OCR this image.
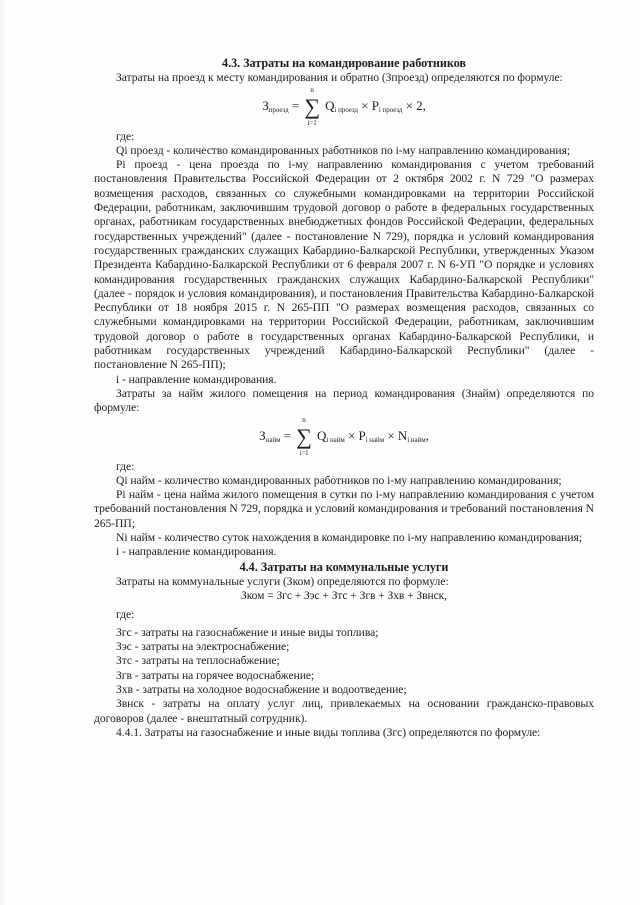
4.3. Затраты на командирование работников

Затраты на проезд к месту командирования и обратно (Зпроезд) определяются по формуле:

$З_{проезд}$ = ∑
n
i=1
$Q_{i проезд} \times P_{i проезд} \times 2$,

где:

Qi проезд - количество командированных работников по i-му направлению командирования;

Pi проезд - цена проезда по i-му направлению командирования с учетом требований постановления Правительства Российской Федерации от 2 октября 2002 г. N 729 "О размерах возмещения расходов, связанных со служебными командировками на территории Российской Федерации, работникам, заключившим трудовой договор о работе в федеральных государственных органах, работникам государственных внебюджетных фондов Российской Федерации, федеральных государственных учреждений" (далее - постановление N 729), порядка и условий командирования государственных гражданских служащих Кабардино-Балкарской Республики, утвержденных Указом Президента Кабардино-Балкарской Республики от 6 февраля 2007 г. N 6-УП "О порядке и условиях командирования государственных гражданских служащих Кабардино-Балкарской Республики" (далее - порядок и условия командирования), и постановления Правительства Кабардино-Балкарской Республики от 18 ноября 2015 г. N 265-ПП "О размерах возмещения расходов, связанных со служебными командировками на территории Российской Федерации, работникам, заключившим трудовой договор о работе в государственных органах Кабардино-Балкарской Республики, и работникам государственных учреждений Кабардино-Балкарской Республики" (далее - постановление N 265-ПП);

i - направление командирования.

Затраты за найм жилого помещения на период командирования (Знайм) определяются по формуле:

$З_{найм}$ = ∑
n
i=1
$Q_{i найм} \times P_{i найм} \times N_{i найм}$,

где:

Qi найм - количество командированных работников по i-му направлению командирования;

Pi найм - цена найма жилого помещения в сутки по i-му направлению командирования с учетом требований постановления N 729, порядка и условий командирования и требований постановления N 265-ПП;

Ni найм - количество суток нахождения в командировке по i-му направлению командирования;

i - направление командирования.

4.4. Затраты на коммунальные услуги

Затраты на коммунальные услуги (Зком) определяются по формуле:

Зком = Згс + Зэс + Зтс + Згв + Зхв + Звнск,

где:

Згс - затраты на газоснабжение и иные виды топлива;

Зэс - затраты на электроснабжение;

Зтс - затраты на теплоснабжение;

Згв - затраты на горячее водоснабжение;

Зхв - затраты на холодное водоснабжение и водоотведение;

Звнск - затраты на оплату услуг лиц, привлекаемых на основании гражданско-правовых договоров (далее - внештатный сотрудник).

4.4.1. Затраты на газоснабжение и иные виды топлива (Згс) определяются по формуле:
